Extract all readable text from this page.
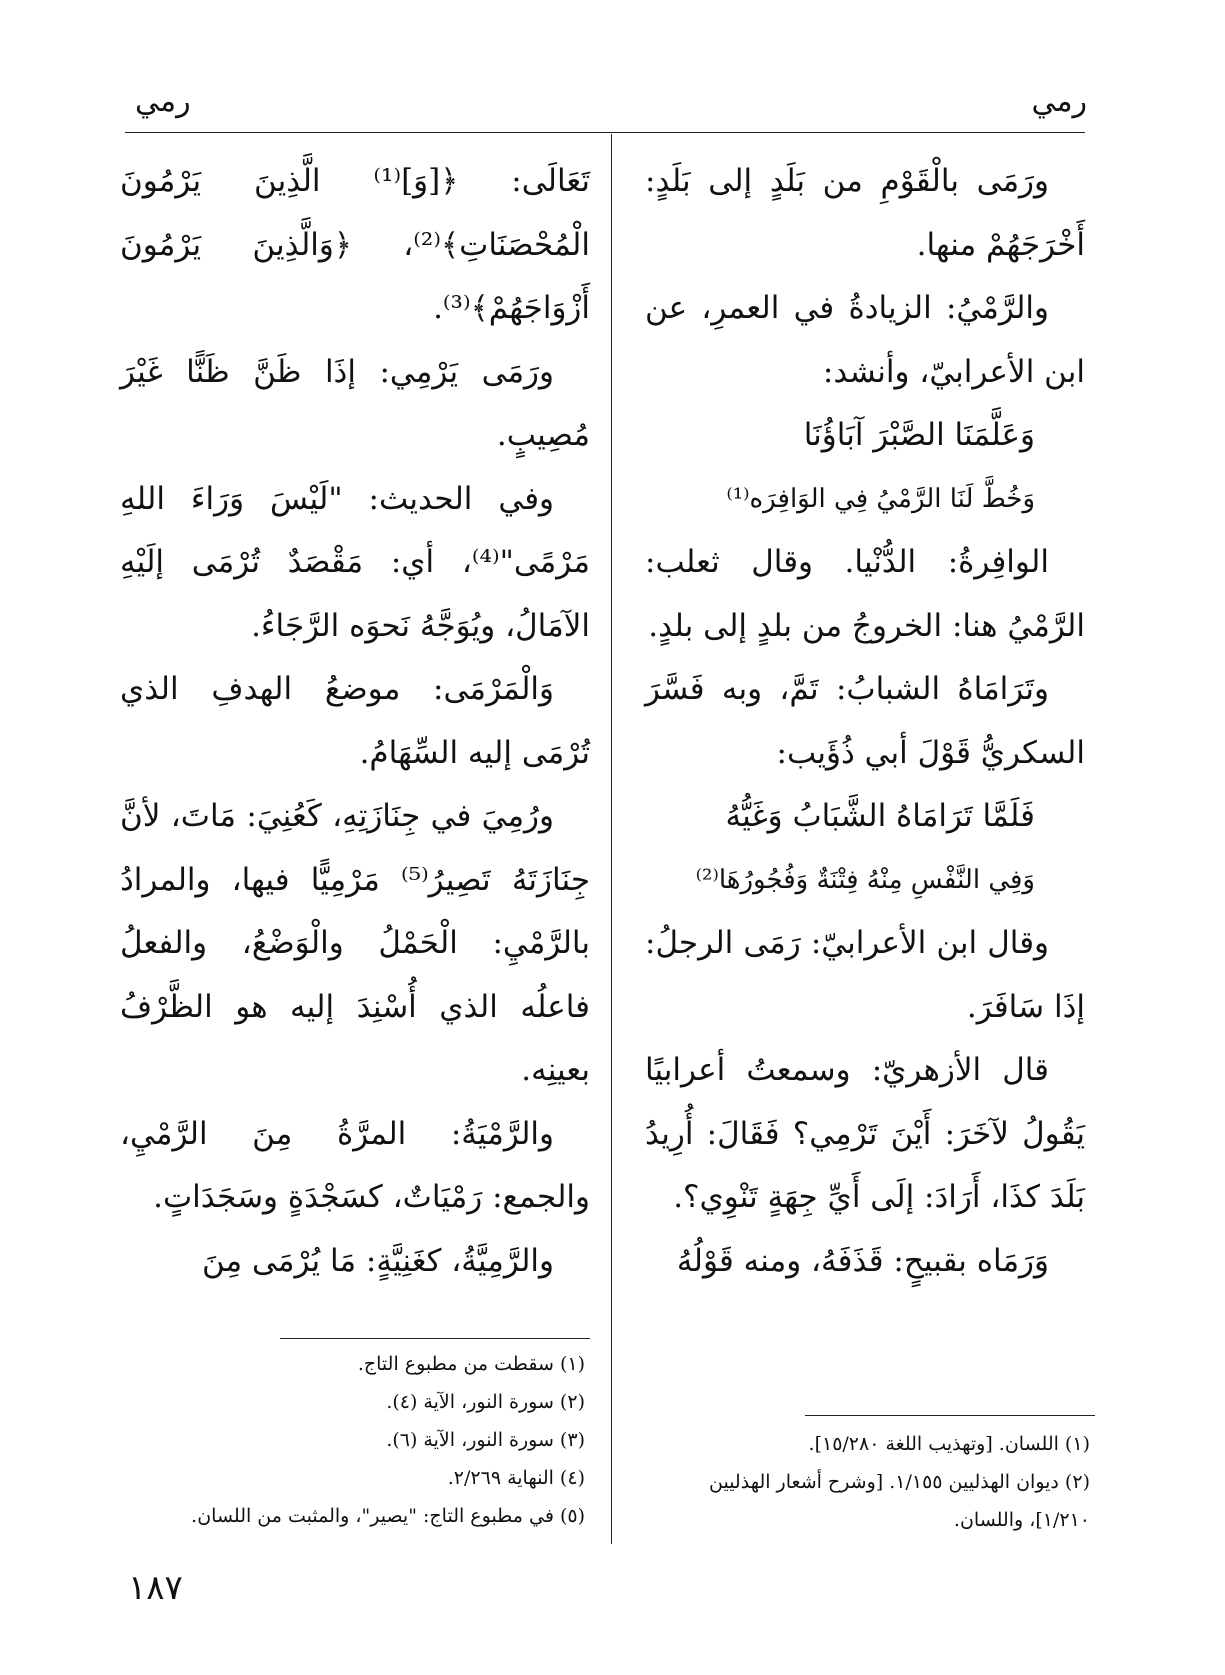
رمي
رمي

ورَمَى بالْقَوْمِ من بَلَدٍ إلى بَلَدٍ: أَخْرَجَهُمْ منها.

والرَّمْيُ: الزيادةُ في العمرِ، عن ابن الأعرابيّ، وأنشد:

وَعَلَّمَنَا الصَّبْرَ آبَاؤُنَا

وَخُطَّ لَنَا الرَّمْيُ فِي الوَافِرَه⁽¹⁾

الوافِرةُ: الدُّنْيا. وقال ثعلب: الرَّمْيُ هنا: الخروجُ من بلدٍ إلى بلدٍ.

وتَرَامَاهُ الشبابُ: تَمَّ، وبه فَسَّرَ السكريُّ قَوْلَ أبي ذُؤَيب:

فَلَمَّا تَرَامَاهُ الشَّبَابُ وَغَيُّهُ

وَفِي النَّفْسِ مِنْهُ فِتْنَةٌ وَفُجُورُهَا⁽²⁾

وقال ابن الأعرابيّ: رَمَى الرجلُ: إذَا سَافَرَ.

قال الأزهريّ: وسمعتُ أعرابيًا يَقُولُ لآخَرَ: أَيْنَ تَرْمِي؟ فَقَالَ: أُرِيدُ بَلَدَ كذَا، أَرَادَ: إلَى أَيِّ جِهَةٍ تَنْوِي؟.

وَرَمَاه بقبيحٍ: قَذَفَهُ، ومنه قَوْلُهُ

تَعَالَى: ﴿[وَ]⁽¹⁾ الَّذِينَ يَرْمُونَ الْمُحْصَنَاتِ﴾⁽²⁾، ﴿وَالَّذِينَ يَرْمُونَ أَزْوَاجَهُمْ﴾⁽³⁾.

ورَمَى يَرْمِي: إذَا ظَنَّ ظَنًّا غَيْرَ مُصِيبٍ.

وفي الحديث: "لَيْسَ وَرَاءَ اللهِ مَرْمًى"⁽⁴⁾، أي: مَقْصَدٌ تُرْمَى إلَيْهِ الآمَالُ، ويُوَجَّهُ نَحوَه الرَّجَاءُ.

وَالْمَرْمَى: موضعُ الهدفِ الذي تُرْمَى إليه السِّهَامُ.

ورُمِيَ في جِنَازَتِهِ، كَعُنِيَ: مَاتَ، لأنَّ جِنَازَتَهُ تَصِيرُ⁽⁵⁾ مَرْمِيًّا فيها، والمرادُ بالرَّمْيِ: الْحَمْلُ والْوَضْعُ، والفعلُ فاعلُه الذي أُسْنِدَ إليه هو الظَّرْفُ بعينِه.

والرَّمْيَةُ: المرَّةُ مِنَ الرَّمْيِ، والجمع: رَمْيَاتٌ، كسَجْدَةٍ وسَجَدَاتٍ.

والرَّمِيَّةُ، كغَنِيَّةٍ: مَا يُرْمَى مِنَ

(١) اللسان. [وتهذيب اللغة ١٥/٢٨٠].

(٢) ديوان الهذليين ١/١٥٥. [وشرح أشعار الهذليين ١/٢١٠]، واللسان.

(١) سقطت من مطبوع التاج.

(٢) سورة النور، الآية (٤).

(٣) سورة النور، الآية (٦).

(٤) النهاية ٢/٢٦٩.

(٥) في مطبوع التاج: "يصير"، والمثبت من اللسان.

١٨٧
